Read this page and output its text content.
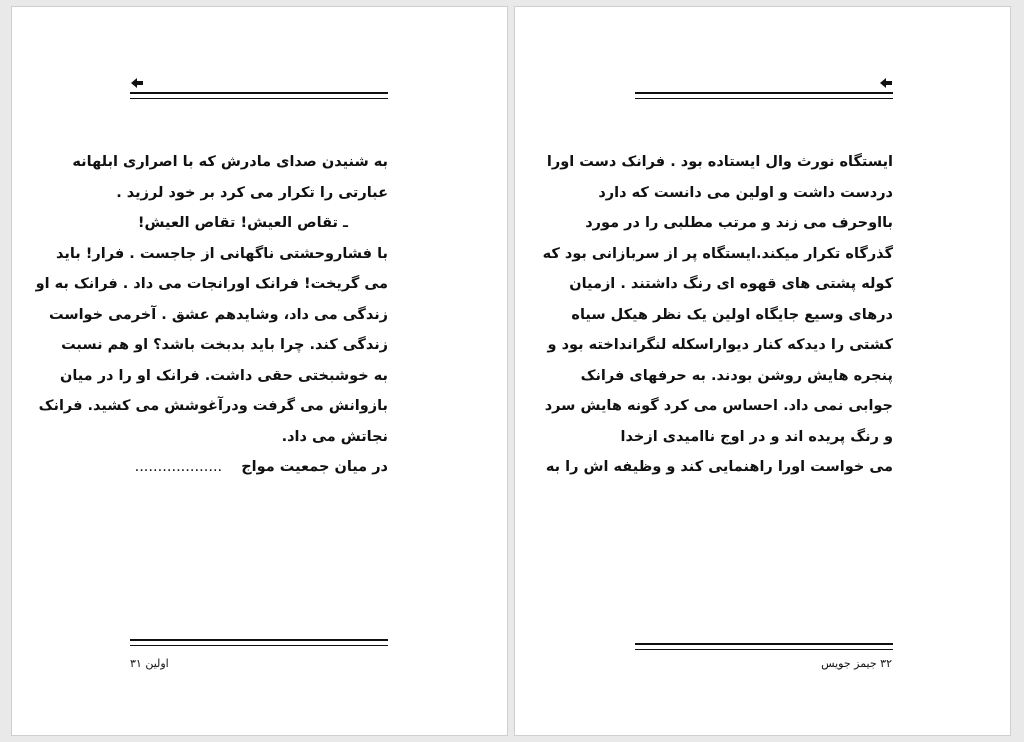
به شنیدن صدای مادرش که با اصراری ابلهانه
عبارتی را تکرار می کرد بر خود لرزید .
ـ تقاص العیش! تقاص العیش!
با فشاروحشتی ناگهانی از جاجست . فرار! باید
می گریخت! فرانک اورانجات می داد . فرانک به او
زندگی می داد، وشایدهم عشق . آخرمی خواست
زندگی کند. چرا باید بدبخت باشد؟ او هم نسبت
به خوشبختی حقی داشت. فرانک او را در میان
بازوانش می گرفت ودرآغوشش می کشید. فرانک
نجاتش می داد.
در میان جمعیت مواج ...................
اولین ۳۱
ایستگاه نورث وال ایستاده بود . فرانک دست اورا
دردست داشت و اولین می دانست که دارد
بااوحرف می زند و مرتب مطلبی را در مورد
گذرگاه تکرار میکند.ایستگاه پر از سربازانی بود که
کوله پشتی های قهوه ای رنگ داشتند . ازمیان
درهای وسیع جایگاه اولین یک نظر هیکل سیاه
کشتی را دیدکه کنار دیواراسکله لنگرانداخته بود و
پنجره هایش روشن بودند. به حرفهای فرانک
جوابی نمی داد. احساس می کرد گونه هایش سرد
و رنگ پریده اند و در اوج ناامیدی ازخدا
می خواست اورا راهنمایی کند و وظیفه اش را به
۳۲ جیمز جویس
